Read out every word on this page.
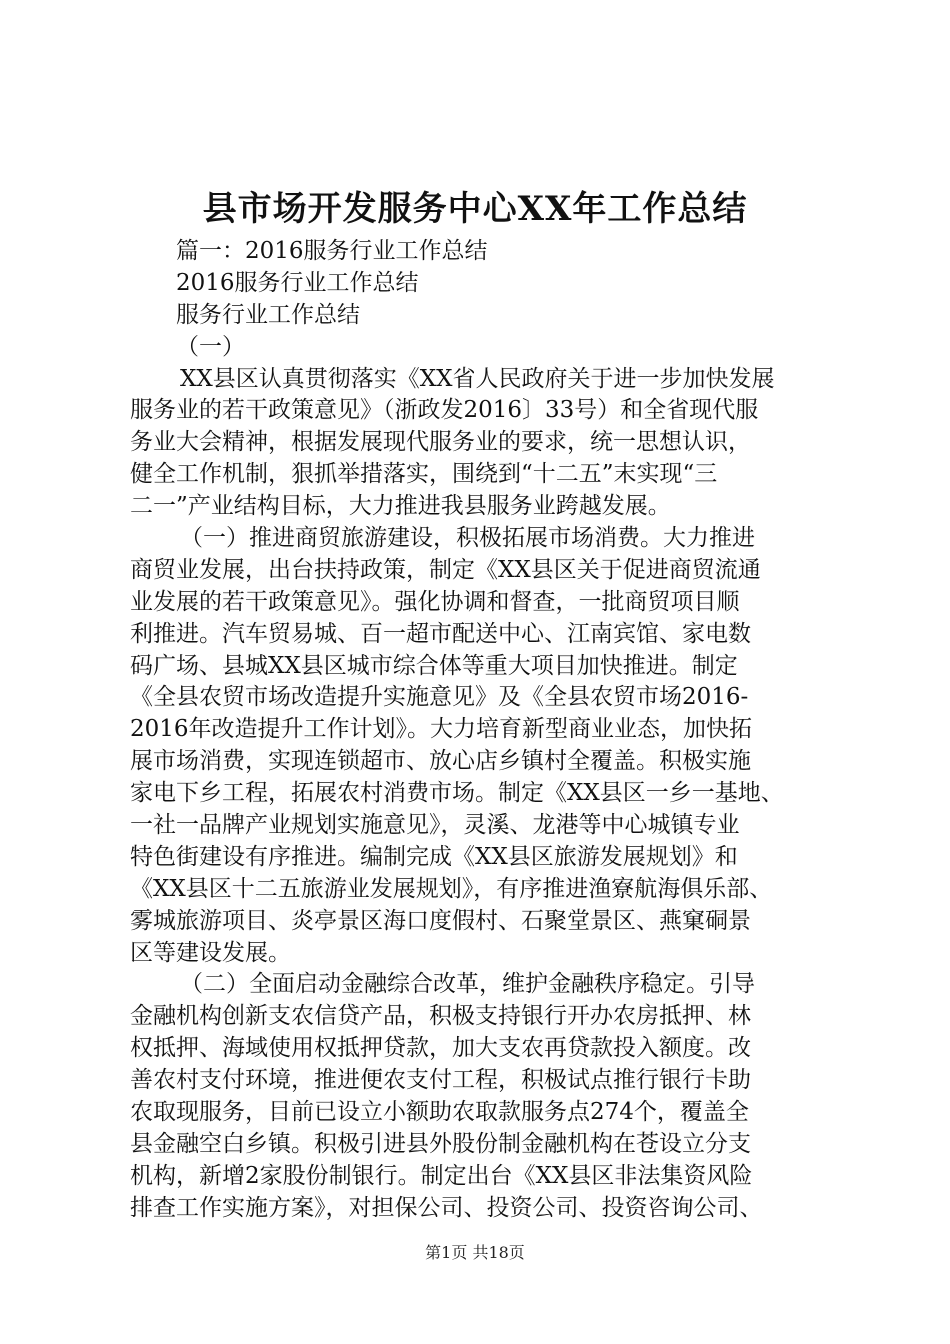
县市场开发服务中心XX年工作总结
篇一：2016服务行业工作总结
2016服务行业工作总结
服务行业工作总结
（一）
XX县区认真贯彻落实《XX省人民政府关于进一步加快发展
服务业的若干政策意见》（浙政发2016〕33号）和全省现代服
务业大会精神，根据发展现代服务业的要求，统一思想认识，
健全工作机制，狠抓举措落实，围绕到“十二五”末实现“三
二一”产业结构目标，大力推进我县服务业跨越发展。
（一）推进商贸旅游建设，积极拓展市场消费。大力推进
商贸业发展，出台扶持政策，制定《XX县区关于促进商贸流通
业发展的若干政策意见》。强化协调和督查，一批商贸项目顺
利推进。汽车贸易城、百一超市配送中心、江南宾馆、家电数
码广场、县城XX县区城市综合体等重大项目加快推进。制定
《全县农贸市场改造提升实施意见》及《全县农贸市场2016-
2016年改造提升工作计划》。大力培育新型商业业态，加快拓
展市场消费，实现连锁超市、放心店乡镇村全覆盖。积极实施
家电下乡工程，拓展农村消费市场。制定《XX县区一乡一基地、
一社一品牌产业规划实施意见》，灵溪、龙港等中心城镇专业
特色街建设有序推进。编制完成《XX县区旅游发展规划》和
《XX县区十二五旅游业发展规划》，有序推进渔寮航海俱乐部、
雾城旅游项目、炎亭景区海口度假村、石聚堂景区、燕窠硐景
区等建设发展。
（二）全面启动金融综合改革，维护金融秩序稳定。引导
金融机构创新支农信贷产品，积极支持银行开办农房抵押、林
权抵押、海域使用权抵押贷款，加大支农再贷款投入额度。改
善农村支付环境，推进便农支付工程，积极试点推行银行卡助
农取现服务，目前已设立小额助农取款服务点274个，覆盖全
县金融空白乡镇。积极引进县外股份制金融机构在苍设立分支
机构，新增2家股份制银行。制定出台《XX县区非法集资风险
排查工作实施方案》，对担保公司、投资公司、投资咨询公司、
第1页 共18页
